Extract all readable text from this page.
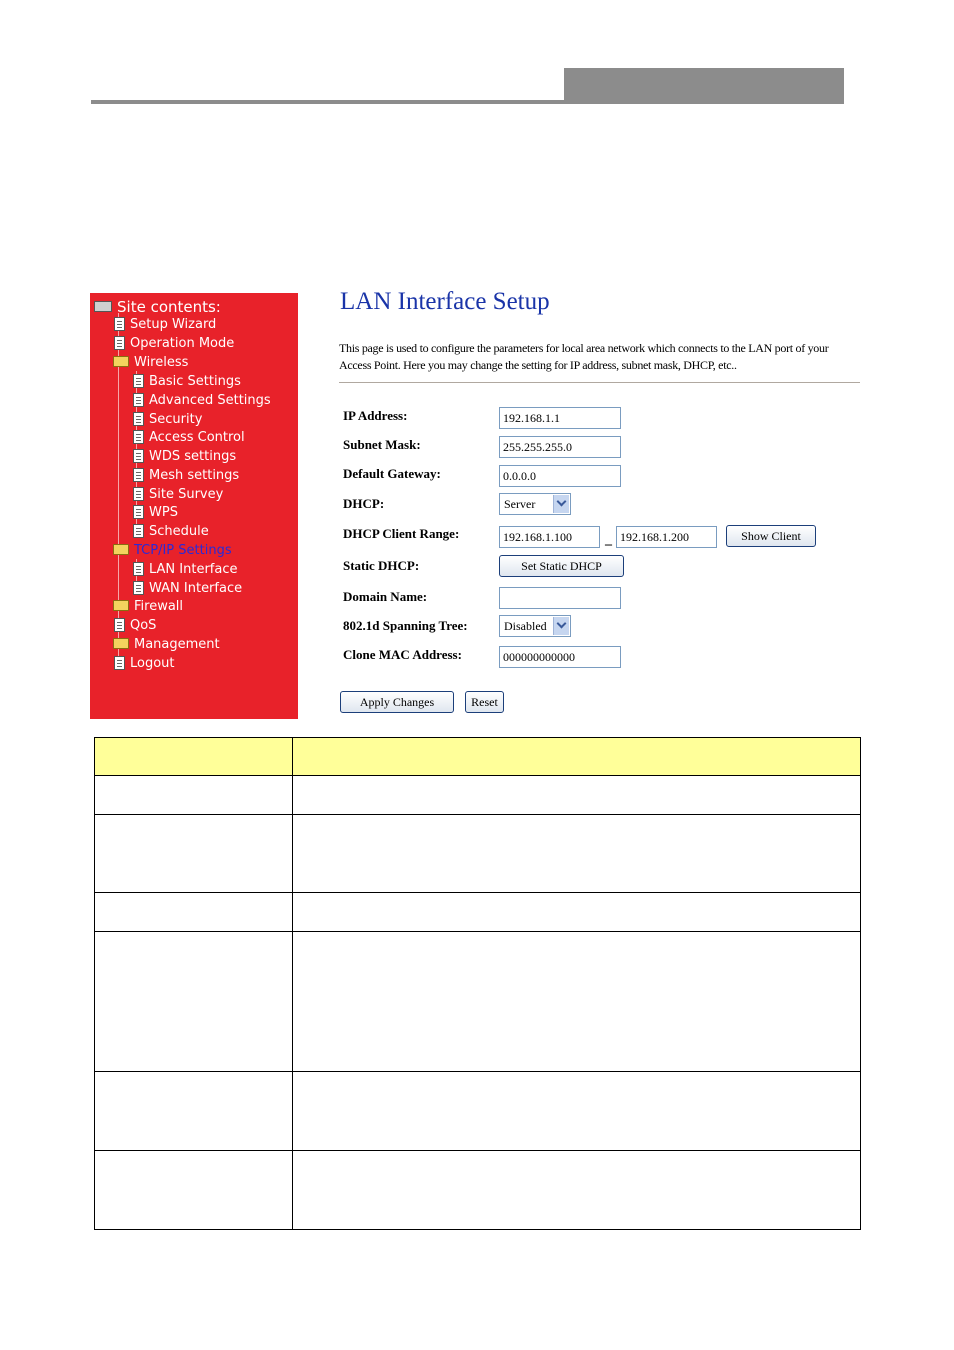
Site contents:
Setup Wizard
Operation Mode
Wireless
Basic Settings
Advanced Settings
Security
Access Control
WDS settings
Mesh settings
Site Survey
WPS
Schedule
TCP/IP Settings
LAN Interface
WAN Interface
Firewall
QoS
Management
Logout
LAN Interface Setup
This page is used to configure the parameters for local area network which connects to the LAN port of your Access Point. Here you may change the setting for IP address, subnet mask, DHCP, etc..
IP Address:	192.168.1.1
Subnet Mask:	255.255.255.0
Default Gateway:	0.0.0.0
DHCP:	Server
DHCP Client Range:	192.168.1.100	– 192.168.1.200	Show Client
Static DHCP:	Set Static DHCP
Domain Name:
802.1d Spanning Tree:	Disabled
Clone MAC Address:	000000000000
Apply Changes	Reset
